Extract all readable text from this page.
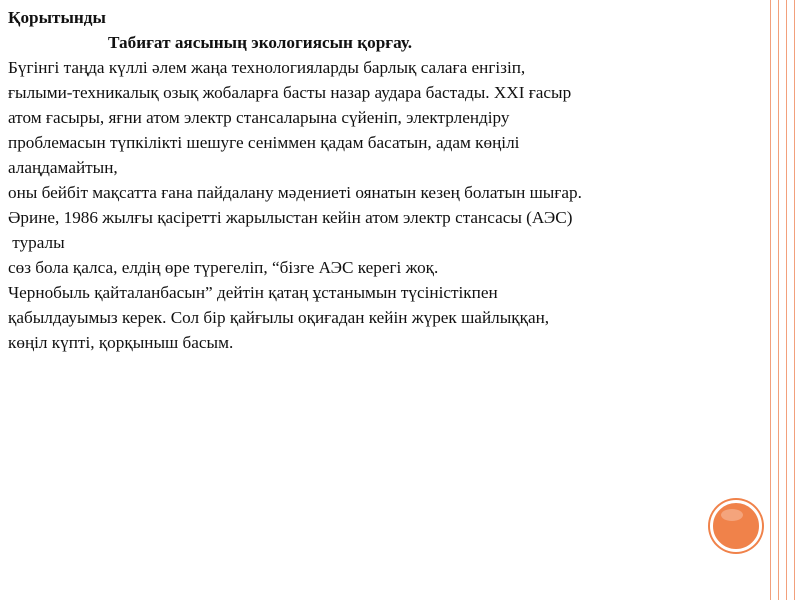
Қорытынды
Табиғат аясының экологиясын қорғау.
Бүгінгі таңда күллі әлем жаңа технологияларды барлық салаға енгізіп,
ғылыми-техникалық озық жобаларға басты назар аудара бастады. XXI ғасыр
атом ғасыры, яғни атом электр стансаларына сүйеніп, электрлендіру
проблемасын түпкілікті шешуге сеніммен қадам басатын, адам көңілі
алаңдамайтын,
оны бейбіт мақсатта ғана пайдалану мәдениеті оянатын кезең болатын шығар.
Әрине, 1986 жылғы қасіретті жарылыстан кейін атом электр стансасы (АЭС)
туралы
сөз бола қалса, елдің өре түрегеліп, “бізге АЭС керегі жоқ.
Чернобыль қайталанбасын” дейтін қатаң ұстанымын түсіністікпен
қабылдауымыз керек. Сол бір қайғылы оқиғадан кейін жүрек шайлыққан,
көңіл күпті, қорқыныш басым.
